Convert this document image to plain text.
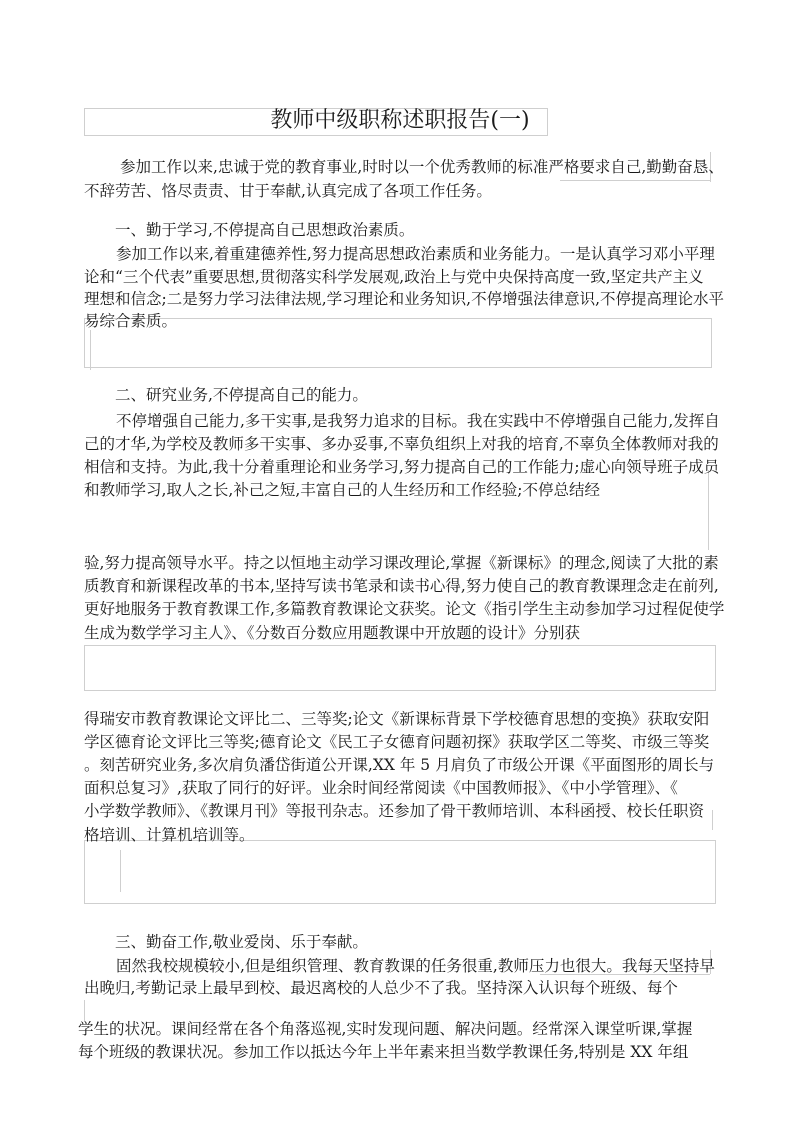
教师中级职称述职报告(一)
参加工作以来,忠诚于党的教育事业,时时以一个优秀教师的标准严格要求自己,勤勤奋恳、
不辞劳苦、恪尽责责、甘于奉献,认真完成了各项工作任务。
一、勤于学习,不停提高自己思想政治素质。
参加工作以来,着重建德养性,努力提高思想政治素质和业务能力。一是认真学习邓小平理
论和“三个代表”重要思想,贯彻落实科学发展观,政治上与党中央保持高度一致,坚定共产主义
理想和信念;二是努力学习法律法规,学习理论和业务知识,不停增强法律意识,不停提高理论水平
易综合素质。
二、研究业务,不停提高自己的能力。
不停增强自己能力,多干实事,是我努力追求的目标。我在实践中不停增强自己能力,发挥自
己的才华,为学校及教师多干实事、多办妥事,不辜负组织上对我的培育,不辜负全体教师对我的
相信和支持。为此,我十分着重理论和业务学习,努力提高自己的工作能力;虚心向领导班子成员
和教师学习,取人之长,补己之短,丰富自己的人生经历和工作经验;不停总结经
验,努力提高领导水平。持之以恒地主动学习课改理论,掌握《新课标》的理念,阅读了大批的素
质教育和新课程改革的书本,坚持写读书笔录和读书心得,努力使自己的教育教课理念走在前列,
更好地服务于教育教课工作,多篇教育教课论文获奖。论文《指引学生主动参加学习过程促使学
生成为数学学习主人》、《分数百分数应用题教课中开放题的设计》分别获
得瑞安市教育教课论文评比二、三等奖;论文《新课标背景下学校德育思想的变换》获取安阳
学区德育论文评比三等奖;德育论文《民工子女德育问题初探》获取学区二等奖、市级三等奖
。刻苦研究业务,多次肩负潘岱街道公开课,XX 年 5 月肩负了市级公开课《平面图形的周长与
面积总复习》,获取了同行的好评。业余时间经常阅读《中国教师报》、《中小学管理》、《
小学数学教师》、《教课月刊》等报刊杂志。还参加了骨干教师培训、本科函授、校长任职资
格培训、计算机培训等。
三、勤奋工作,敬业爱岗、乐于奉献。
固然我校规模较小,但是组织管理、教育教课的任务很重,教师压力也很大。我每天坚持早
出晚归,考勤记录上最早到校、最迟离校的人总少不了我。坚持深入认识每个班级、每个
学生的状况。课间经常在各个角落巡视,实时发现问题、解决问题。经常深入课堂听课,掌握
每个班级的教课状况。参加工作以抵达今年上半年素来担当数学教课任务,特别是 XX 年组
